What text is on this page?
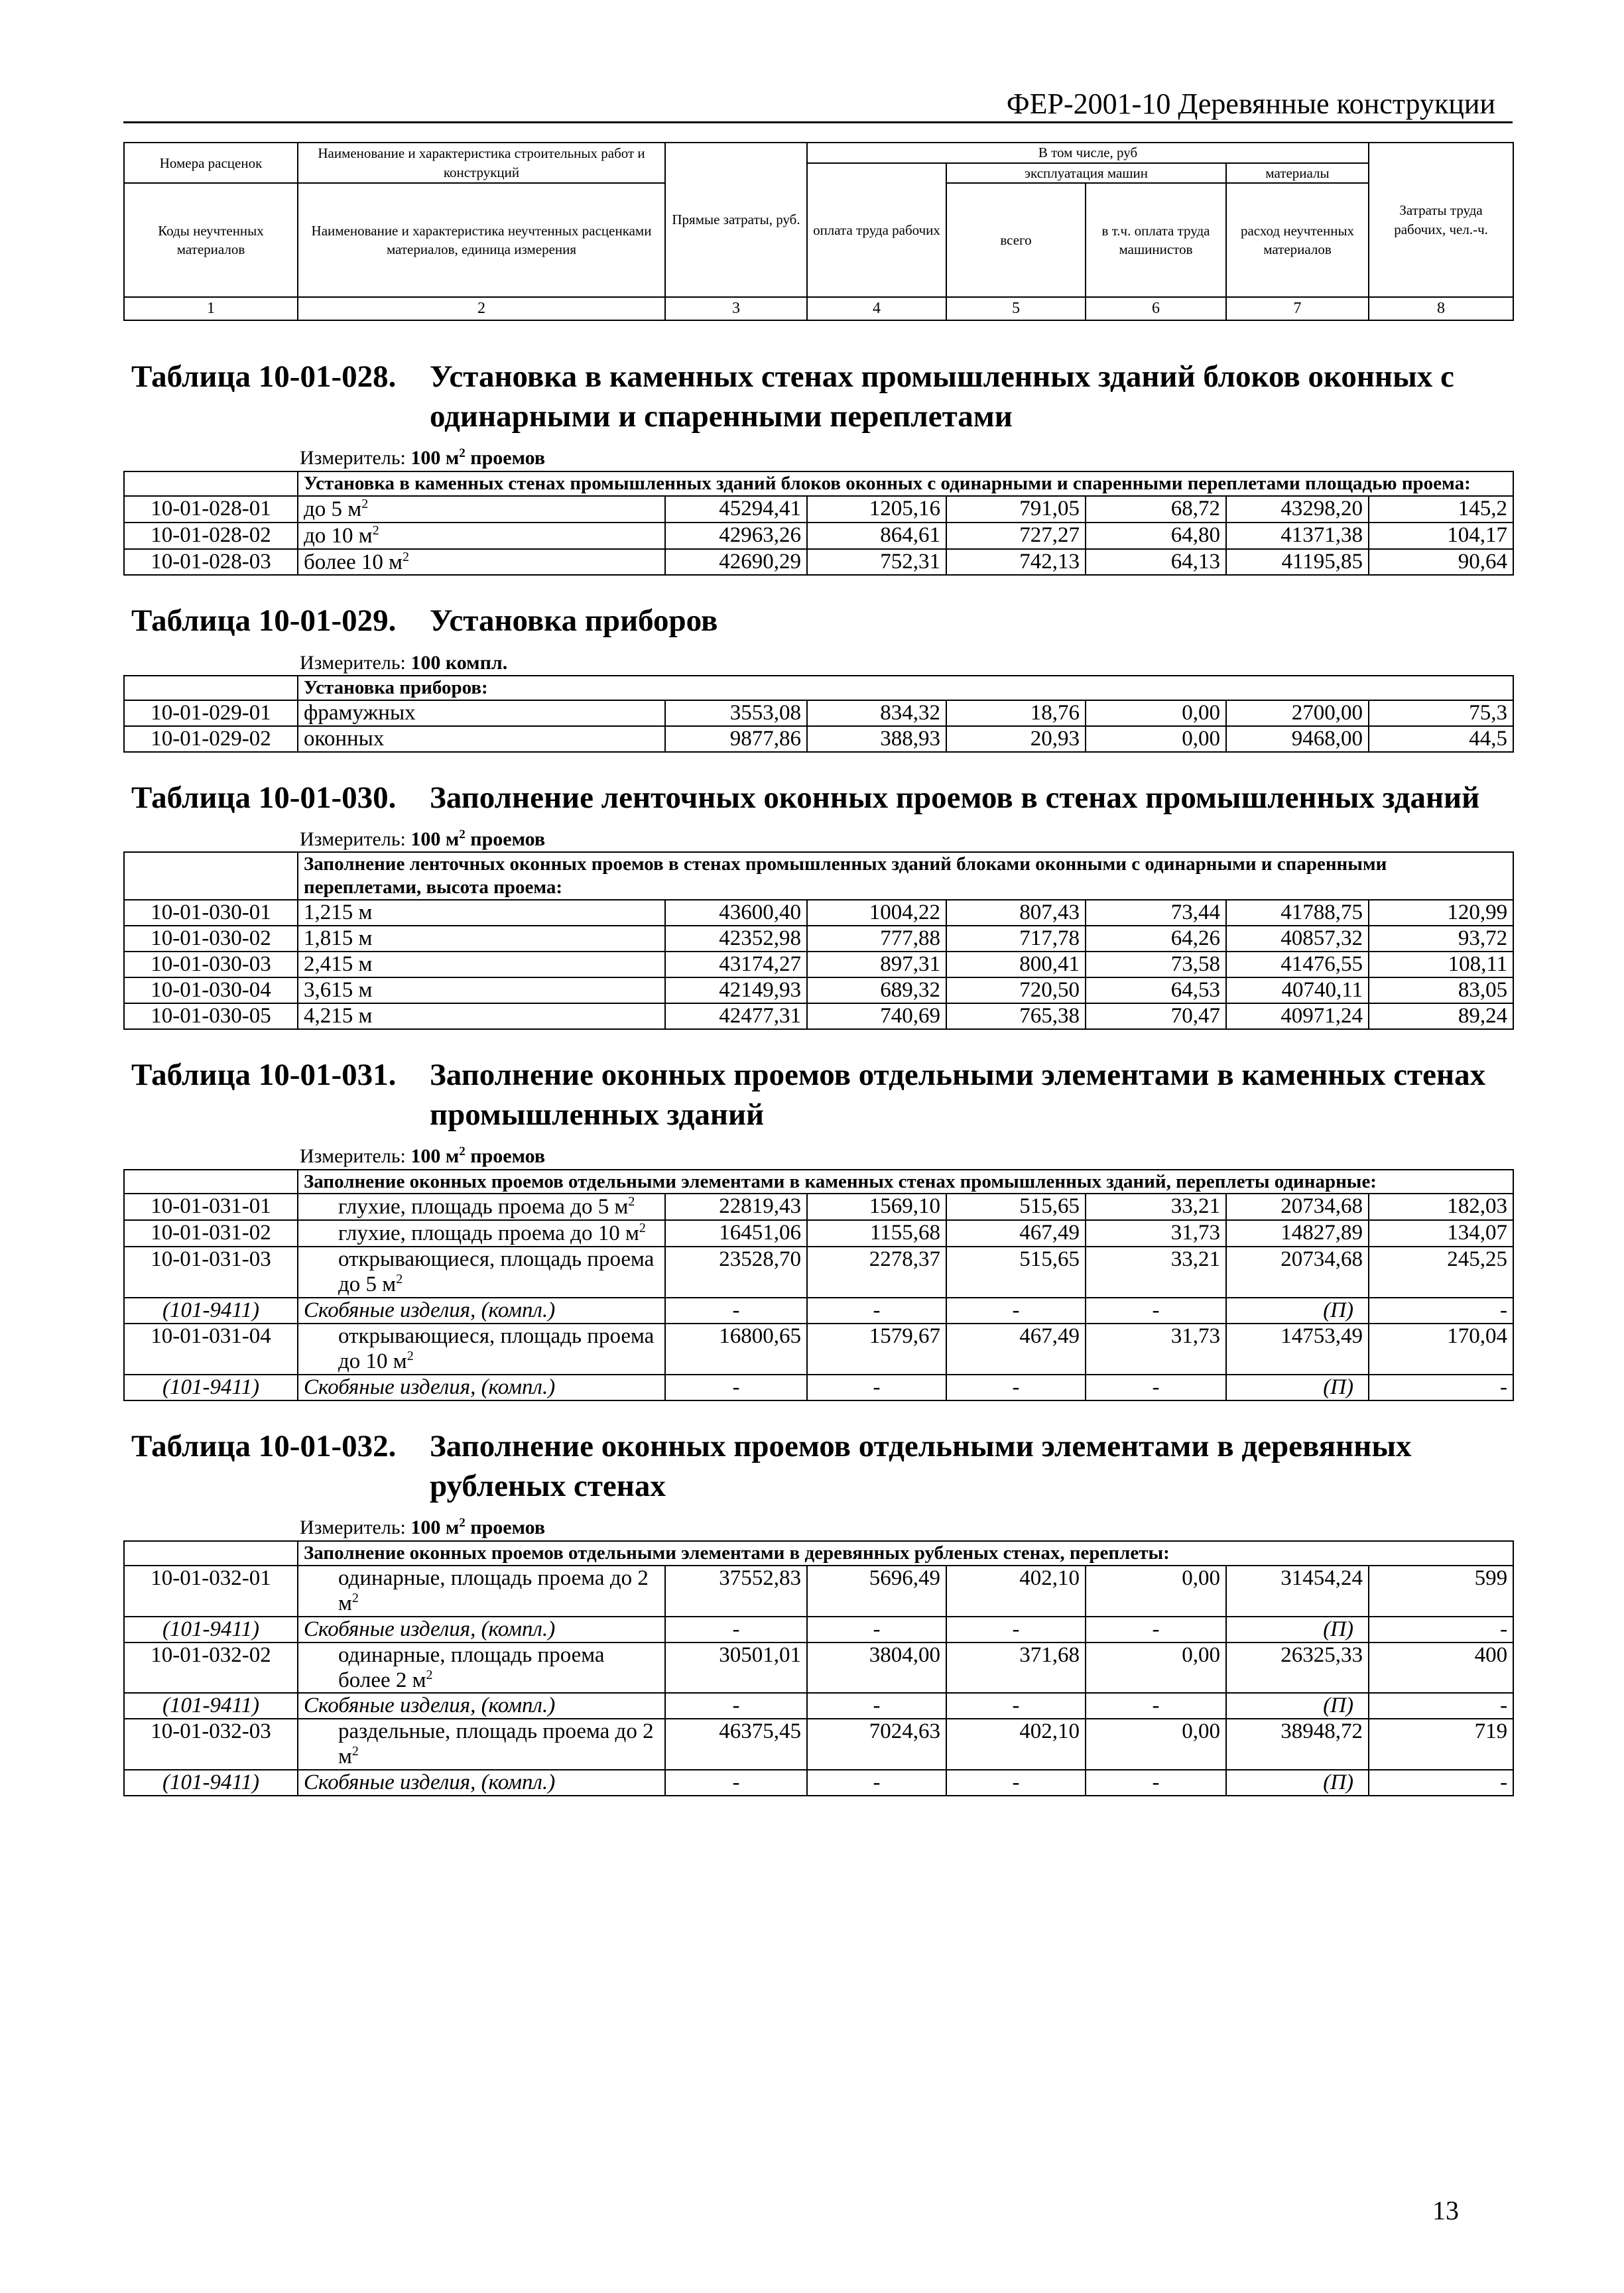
ФЕР-2001-10 Деревянные конструкции
Номера расценок	Наименование и характеристика строительных работ и конструкций	Прямые затраты, руб.	В том числе, руб				Затраты труда рабочих, чел.-ч.
			оплата труда рабочих	эксплуатация машин		материалы	
Коды неучтенных материалов	Наименование и характеристика неучтенных расценками материалов, единица измерения			всего	в т.ч. оплата труда машинистов	расход неучтенных материалов	

1	2	3	4	5	6	7	8
Таблица 10-01-028.	Установка в каменных стенах промышленных зданий блоков оконных с одинарными и спаренными переплетами
Измеритель: 100 $м^2$ проемов
	Установка в каменных стенах промышленных зданий блоков оконных с одинарными и спаренными переплетами площадью проема:						
10-01-028-01	до 5 $м^2$	45294,41	1205,16	791,05	68,72	43298,20	145,2
10-01-028-02	до 10 $м^2$	42963,26	864,61	727,27	64,80	41371,38	104,17
10-01-028-03	более 10 $м^2$	42690,29	752,31	742,13	64,13	41195,85	90,64
Таблица 10-01-029.	Установка приборов
Измеритель: 100 компл.
	Установка приборов:						
10-01-029-01	фрамужных	3553,08	834,32	18,76	0,00	2700,00	75,3
10-01-029-02	оконных	9877,86	388,93	20,93	0,00	9468,00	44,5
Таблица 10-01-030.	Заполнение ленточных оконных проемов в стенах промышленных зданий
Измеритель: 100 $м^2$ проемов
	Заполнение ленточных оконных проемов в стенах промышленных зданий блоками оконными с одинарными и спаренными переплетами, высота проема:						
10-01-030-01	1,215 м	43600,40	1004,22	807,43	73,44	41788,75	120,99
10-01-030-02	1,815 м	42352,98	777,88	717,78	64,26	40857,32	93,72
10-01-030-03	2,415 м	43174,27	897,31	800,41	73,58	41476,55	108,11
10-01-030-04	3,615 м	42149,93	689,32	720,50	64,53	40740,11	83,05
10-01-030-05	4,215 м	42477,31	740,69	765,38	70,47	40971,24	89,24
Таблица 10-01-031.	Заполнение оконных проемов отдельными элементами в каменных стенах промышленных зданий
Измеритель: 100 $м^2$ проемов
	Заполнение оконных проемов отдельными элементами в каменных стенах промышленных зданий, переплеты одинарные:						
10-01-031-01	глухие, площадь проема до 5 $м^2$	22819,43	1569,10	515,65	33,21	20734,68	182,03
10-01-031-02	глухие, площадь проема до 10 $м^2$	16451,06	1155,68	467,49	31,73	14827,89	134,07
10-01-031-03	открывающиеся, площадь проема до 5 $м^2$	23528,70	2278,37	515,65	33,21	20734,68	245,25
(101-9411)	Скобяные изделия, (компл.)	-	-	-	-	(П)	-
10-01-031-04	открывающиеся, площадь проема до 10 $м^2$	16800,65	1579,67	467,49	31,73	14753,49	170,04
(101-9411)	Скобяные изделия, (компл.)	-	-	-	-	(П)	-
Таблица 10-01-032.	Заполнение оконных проемов отдельными элементами в деревянных рубленых стенах
Измеритель: 100 $м^2$ проемов
	Заполнение оконных проемов отдельными элементами в деревянных рубленых стенах, переплеты:						
10-01-032-01	одинарные, площадь проема до 2 $м^2$	37552,83	5696,49	402,10	0,00	31454,24	599
(101-9411)	Скобяные изделия, (компл.)	-	-	-	-	(П)	-
10-01-032-02	одинарные, площадь проема более 2 $м^2$	30501,01	3804,00	371,68	0,00	26325,33	400
(101-9411)	Скобяные изделия, (компл.)	-	-	-	-	(П)	-
10-01-032-03	раздельные, площадь проема до 2 $м^2$	46375,45	7024,63	402,10	0,00	38948,72	719
(101-9411)	Скобяные изделия, (компл.)	-	-	-	-	(П)	-
13
